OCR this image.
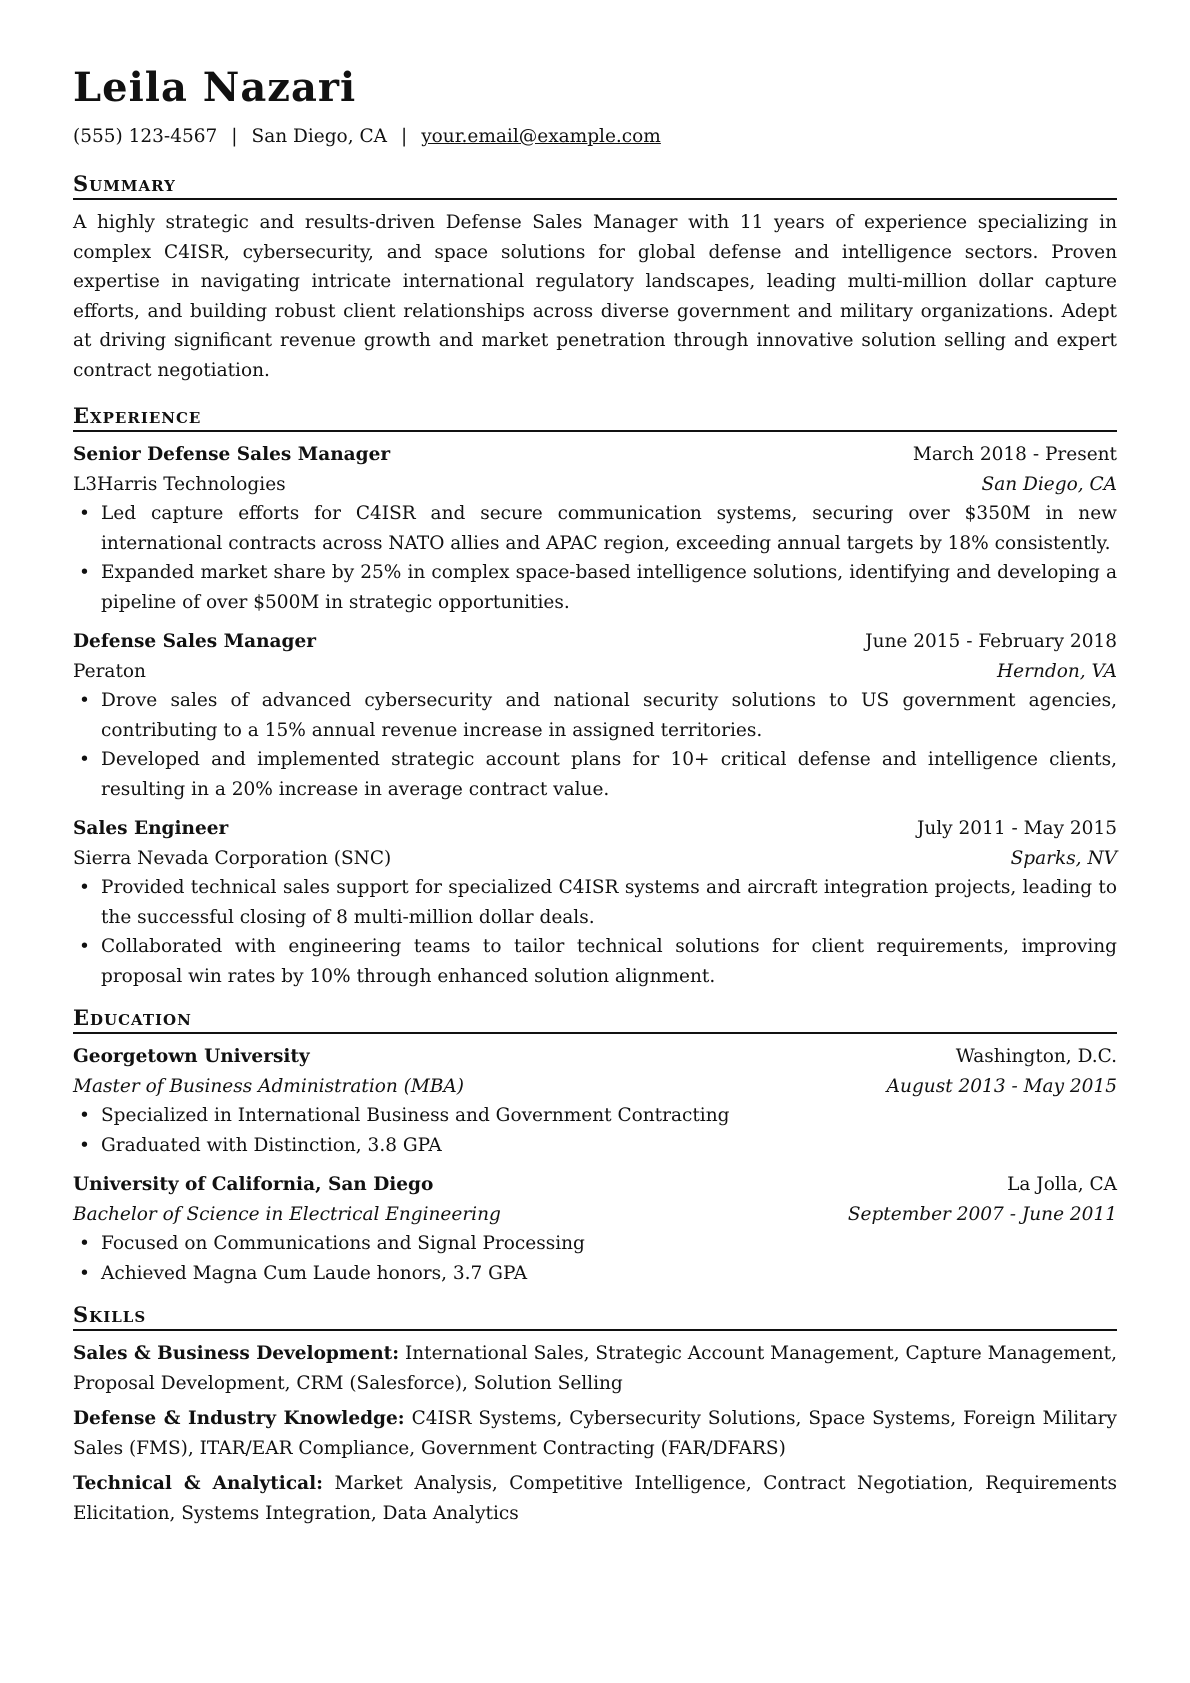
Leila Nazari
(555) 123-4567 | San Diego, CA | your.email@example.com
Summary
A highly strategic and results-driven Defense Sales Manager with 11 years of experience specializing in complex C4ISR, cybersecurity, and space solutions for global defense and intelligence sectors. Proven expertise in navigating intricate international regulatory landscapes, leading multi-million dollar capture efforts, and building robust client relationships across diverse government and military organizations. Adept at driving significant revenue growth and market penetration through innovative solution selling and expert contract negotiation.
Experience
Senior Defense Sales Manager	March 2018 - Present
L3Harris Technologies	San Diego, CA
• Led capture efforts for C4ISR and secure communication systems, securing over $350M in new international contracts across NATO allies and APAC region, exceeding annual targets by 18% consistently.
• Expanded market share by 25% in complex space-based intelligence solutions, identifying and developing a pipeline of over $500M in strategic opportunities.
Defense Sales Manager	June 2015 - February 2018
Peraton	Herndon, VA
• Drove sales of advanced cybersecurity and national security solutions to US government agencies, contributing to a 15% annual revenue increase in assigned territories.
• Developed and implemented strategic account plans for 10+ critical defense and intelligence clients, resulting in a 20% increase in average contract value.
Sales Engineer	July 2011 - May 2015
Sierra Nevada Corporation (SNC)	Sparks, NV
• Provided technical sales support for specialized C4ISR systems and aircraft integration projects, leading to the successful closing of 8 multi-million dollar deals.
• Collaborated with engineering teams to tailor technical solutions for client requirements, improving proposal win rates by 10% through enhanced solution alignment.
Education
Georgetown University	Washington, D.C.
Master of Business Administration (MBA)	August 2013 - May 2015
• Specialized in International Business and Government Contracting
• Graduated with Distinction, 3.8 GPA
University of California, San Diego	La Jolla, CA
Bachelor of Science in Electrical Engineering	September 2007 - June 2011
• Focused on Communications and Signal Processing
• Achieved Magna Cum Laude honors, 3.7 GPA
Skills
Sales & Business Development: International Sales, Strategic Account Management, Capture Management, Proposal Development, CRM (Salesforce), Solution Selling
Defense & Industry Knowledge: C4ISR Systems, Cybersecurity Solutions, Space Systems, Foreign Military Sales (FMS), ITAR/EAR Compliance, Government Contracting (FAR/DFARS)
Technical & Analytical: Market Analysis, Competitive Intelligence, Contract Negotiation, Requirements Elicitation, Systems Integration, Data Analytics
